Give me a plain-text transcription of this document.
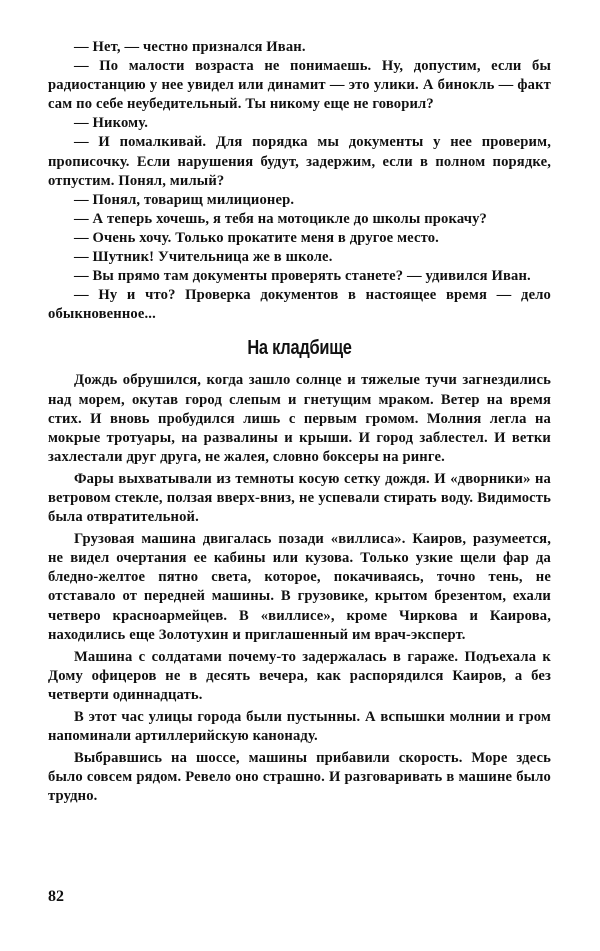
— Нет, — честно признался Иван.

— По малости возраста не понимаешь. Ну, допустим, если бы радиостанцию у нее увидел или динамит — это улики. А бинокль — факт сам по себе неубедительный. Ты никому еще не говорил?

— Никому.

— И помалкивай. Для порядка мы документы у нее проверим, прописочку. Если нарушения будут, задержим, если в полном порядке, отпустим. Понял, милый?

— Понял, товарищ милиционер.

— А теперь хочешь, я тебя на мотоцикле до школы прокачу?

— Очень хочу. Только прокатите меня в другое место.

— Шутник! Учительница же в школе.

— Вы прямо там документы проверять станете? — удивился Иван.

— Ну и что? Проверка документов в настоящее время — дело обыкновенное...

На кладбище

Дождь обрушился, когда зашло солнце и тяжелые тучи загнездились над морем, окутав город слепым и гнетущим мраком. Ветер на время стих. И вновь пробудился лишь с первым громом. Молния легла на мокрые тротуары, на развалины и крыши. И город заблестел. И ветки захлестали друг друга, не жалея, словно боксеры на ринге.

Фары выхватывали из темноты косую сетку дождя. И «дворники» на ветровом стекле, ползая вверх-вниз, не успевали стирать воду. Видимость была отвратительной.

Грузовая машина двигалась позади «виллиса». Каиров, разумеется, не видел очертания ее кабины или кузова. Только узкие щели фар да бледно-желтое пятно света, которое, покачиваясь, точно тень, не отставало от передней машины. В грузовике, крытом брезентом, ехали четверо красноармейцев. В «виллисе», кроме Чиркова и Каирова, находились еще Золотухин и приглашенный им врач-эксперт.

Машина с солдатами почему-то задержалась в гараже. Подъехала к Дому офицеров не в десять вечера, как распорядился Каиров, а без четверти одиннадцать.

В этот час улицы города были пустынны. А вспышки молнии и гром напоминали артиллерийскую канонаду.

Выбравшись на шоссе, машины прибавили скорость. Море здесь было совсем рядом. Ревело оно страшно. И разговаривать в машине было трудно.

82
